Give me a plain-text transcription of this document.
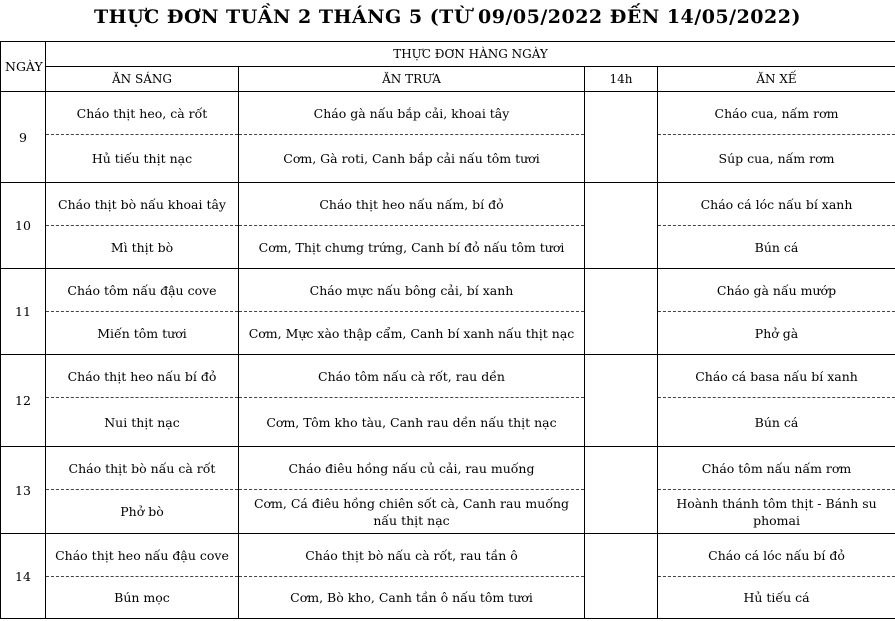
THỰC ĐƠN TUẦN 2 THÁNG 5 (TỪ 09/05/2022 ĐẾN 14/05/2022)
NGÀY	THỰC ĐƠN HÀNG NGÀY			
	ĂN SÁNG	ĂN TRƯA	14h	ĂN XẾ
9	Cháo thịt heo, cà rốt	Cháo gà nấu bắp cải, khoai tây		Cháo cua, nấm rơm
	Hủ tiếu thịt nạc	Cơm, Gà roti, Canh bắp cải nấu tôm tươi		Súp cua, nấm rơm
10	Cháo thịt bò nấu khoai tây	Cháo thịt heo nấu nấm, bí đỏ		Cháo cá lóc nấu bí xanh
	Mì thịt bò	Cơm, Thịt chưng trứng, Canh bí đỏ nấu tôm tươi		Bún cá
11	Cháo tôm nấu đậu cove	Cháo mực nấu bông cải, bí xanh		Cháo gà nấu mướp
	Miến tôm tươi	Cơm, Mực xào thập cẩm, Canh bí xanh nấu thịt nạc		Phở gà
12	Cháo thịt heo nấu bí đỏ	Cháo tôm nấu cà rốt, rau dền		Cháo cá basa nấu bí xanh
	Nui thịt nạc	Cơm, Tôm kho tàu, Canh rau dền nấu thịt nạc		Bún cá
13	Cháo thịt bò nấu cà rốt	Cháo điêu hồng nấu củ cải, rau muống		Cháo tôm nấu nấm rơm
	Phở bò	Cơm, Cá điêu hồng chiên sốt cà, Canh rau muống nấu thịt nạc		Hoành thánh tôm thịt - Bánh su phomai
14	Cháo thịt heo nấu đậu cove	Cháo thịt bò nấu cà rốt, rau tần ô		Cháo cá lóc nấu bí đỏ
	Bún mọc	Cơm, Bò kho, Canh tần ô nấu tôm tươi		Hủ tiếu cá
